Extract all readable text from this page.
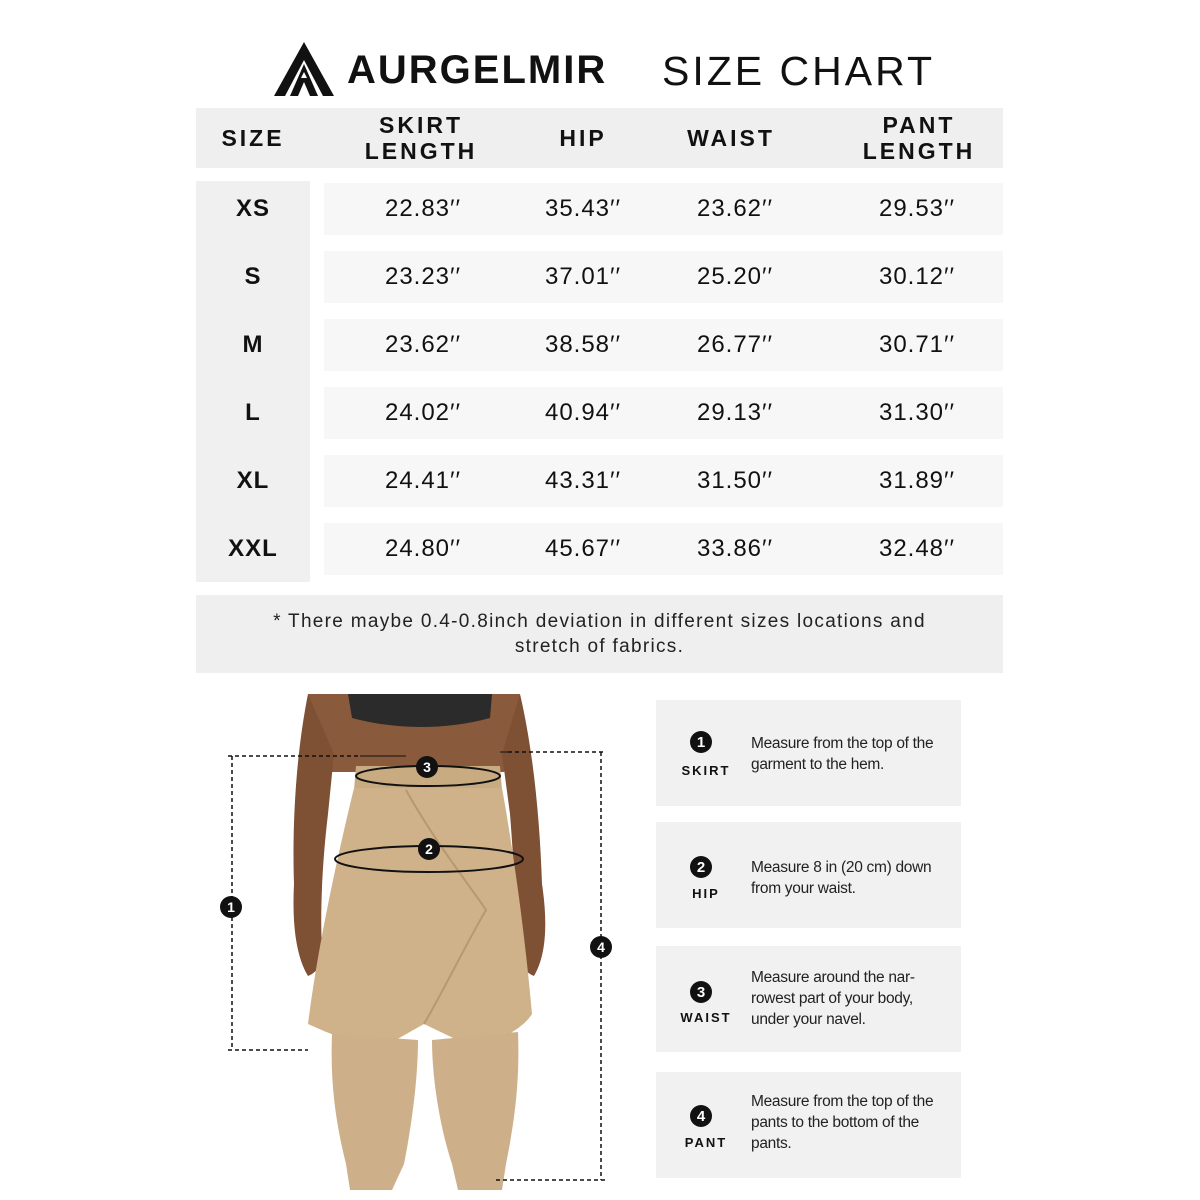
AURGELMIR SIZE CHART
SIZE	SKIRT LENGTH	HIP	WAIST	PANT LENGTH
XS	22.83′′	35.43′′	23.62′′	29.53′′
S	23.23′′	37.01′′	25.20′′	30.12′′
M	23.62′′	38.58′′	26.77′′	30.71′′
L	24.02′′	40.94′′	29.13′′	31.30′′
XL	24.41′′	43.31′′	31.50′′	31.89′′
XXL	24.80′′	45.67′′	33.86′′	32.48′′
* There maybe 0.4-0.8inch deviation in different sizes locations and stretch of fabrics.
1
2
3
4
1
SKIRT
Measure from the top of the garment to the hem.
2
HIP
Measure 8 in (20 cm) down from your waist.
3
WAIST
Measure around the nar-rowest part of your body, under your navel.
4
PANT
Measure from the top of the pants to the bottom of the pants.
